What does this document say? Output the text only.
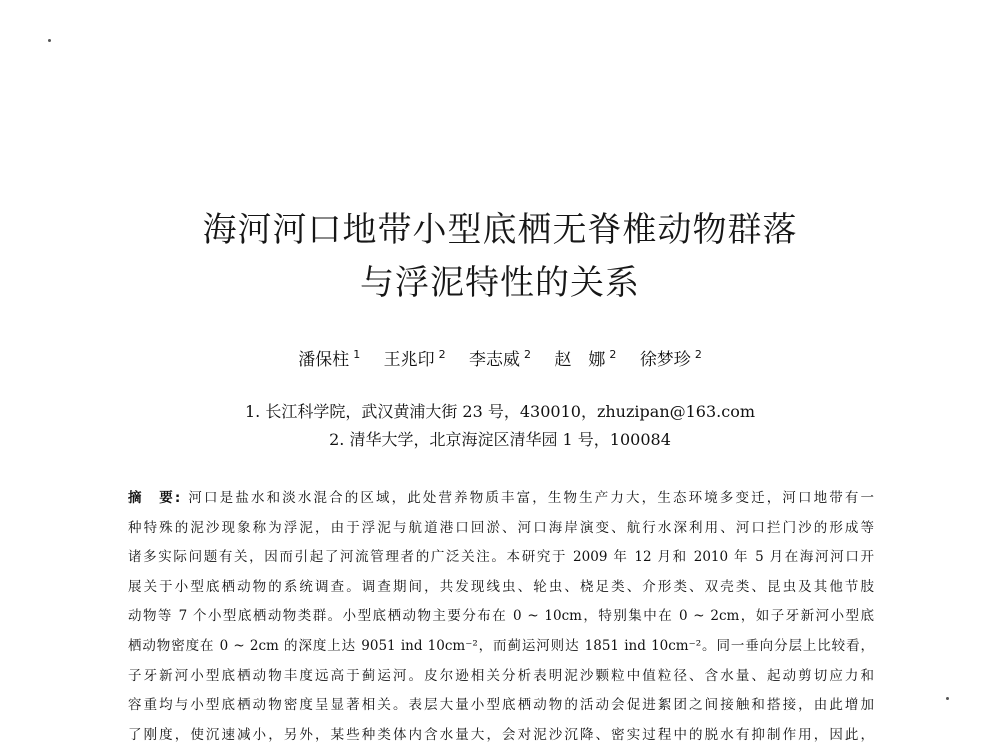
海河河口地带小型底栖无脊椎动物群落
与浮泥特性的关系
潘保柱 $^1$ 王兆印 $^2$ 李志威 $^2$ 赵　娜 $^2$ 徐梦珍 $^2$
1. 长江科学院，武汉黄浦大街 23 号，430010，zhuzipan@163.com
2. 清华大学，北京海淀区清华园 1 号，100084
摘　要: 河口是盐水和淡水混合的区域，此处营养物质丰富，生物生产力大，生态环境多变迁，河口地带有一
种特殊的泥沙现象称为浮泥，由于浮泥与航道港口回淤、河口海岸演变、航行水深利用、河口拦门沙的形成等
诸多实际问题有关，因而引起了河流管理者的广泛关注。本研究于 2009 年 12 月和 2010 年 5 月在海河河口开
展关于小型底栖动物的系统调查。调查期间，共发现线虫、轮虫、桡足类、介形类、双壳类、昆虫及其他节肢
动物等 7 个小型底栖动物类群。小型底栖动物主要分布在 0 ~ 10cm，特别集中在 0 ~ 2cm，如子牙新河小型底
栖动物密度在 0 ~ 2cm 的深度上达 9051 ind 10cm⁻²，而蓟运河则达 1851 ind 10cm⁻²。同一垂向分层上比较看，
子牙新河小型底栖动物丰度远高于蓟运河。皮尔逊相关分析表明泥沙颗粒中值粒径、含水量、起动剪切应力和
容重均与小型底栖动物密度呈显著相关。表层大量小型底栖动物的活动会促进絮团之间接触和搭接，由此增加
了刚度，使沉速减小，另外，某些种类体内含水量大，会对泥沙沉降、密实过程中的脱水有抑制作用，因此，
